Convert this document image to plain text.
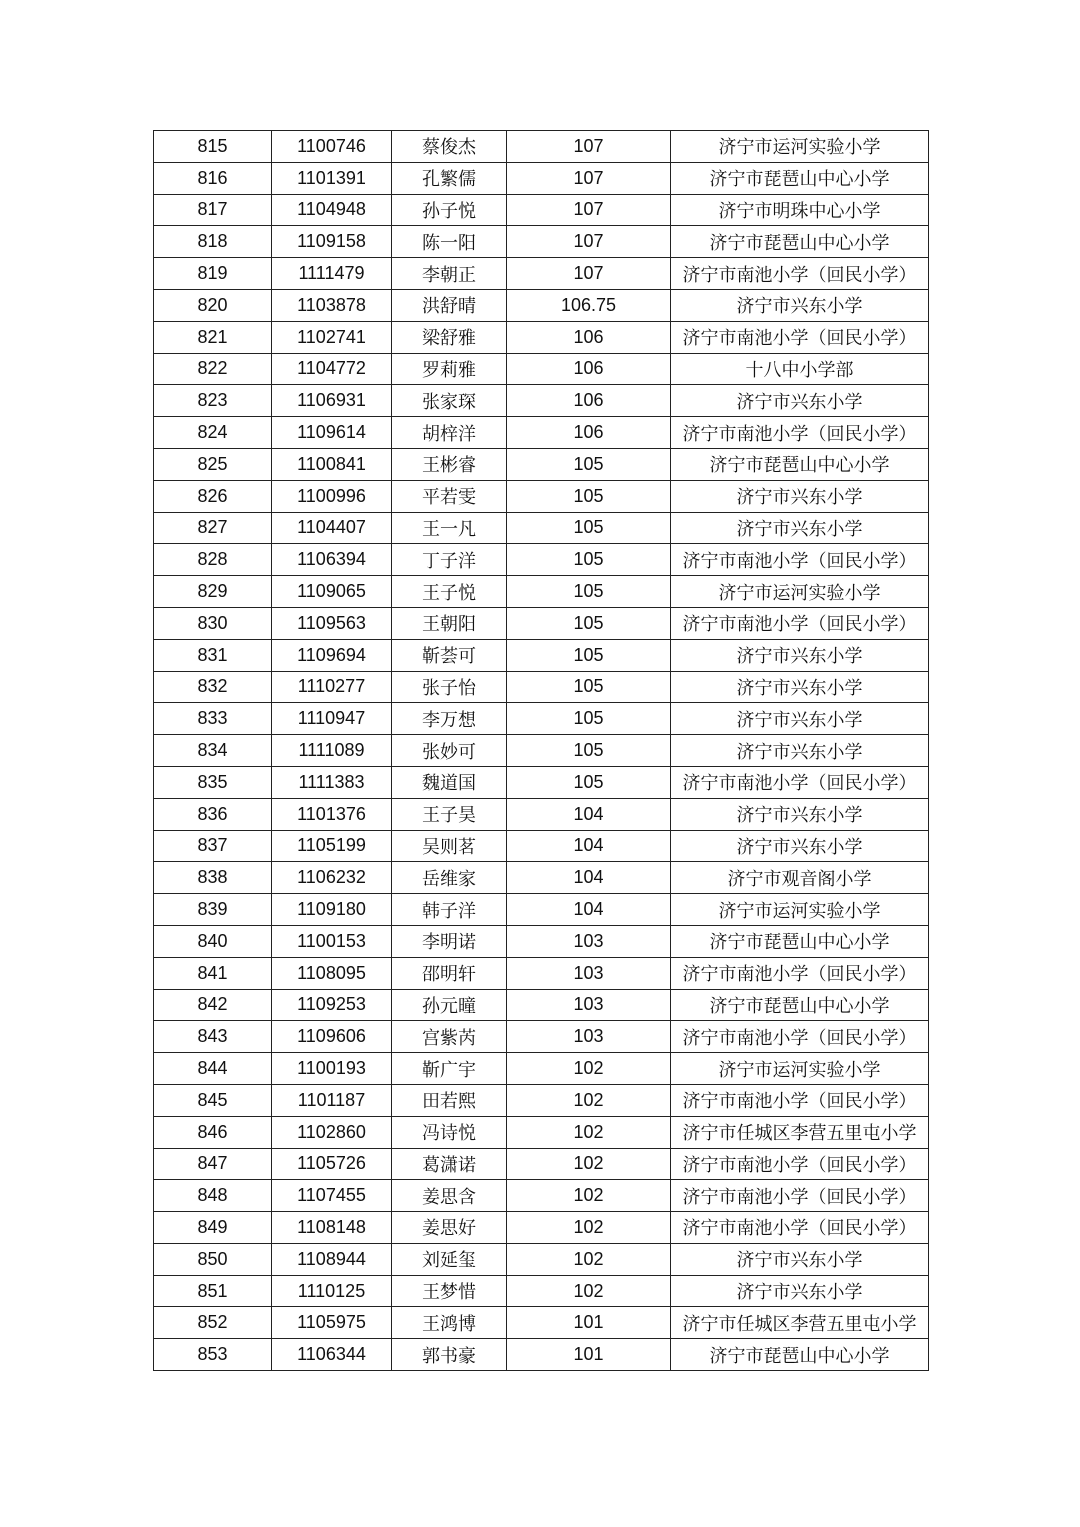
815	1100746	蔡俊杰	107	济宁市运河实验小学
816	1101391	孔繁儒	107	济宁市琵琶山中心小学
817	1104948	孙子悦	107	济宁市明珠中心小学
818	1109158	陈一阳	107	济宁市琵琶山中心小学
819	1111479	李朝正	107	济宁市南池小学（回民小学）
820	1103878	洪舒晴	106.75	济宁市兴东小学
821	1102741	梁舒雅	106	济宁市南池小学（回民小学）
822	1104772	罗莉雅	106	十八中小学部
823	1106931	张家琛	106	济宁市兴东小学
824	1109614	胡梓洋	106	济宁市南池小学（回民小学）
825	1100841	王彬睿	105	济宁市琵琶山中心小学
826	1100996	平若雯	105	济宁市兴东小学
827	1104407	王一凡	105	济宁市兴东小学
828	1106394	丁子洋	105	济宁市南池小学（回民小学）
829	1109065	王子悦	105	济宁市运河实验小学
830	1109563	王朝阳	105	济宁市南池小学（回民小学）
831	1109694	靳荟可	105	济宁市兴东小学
832	1110277	张子怡	105	济宁市兴东小学
833	1110947	李万想	105	济宁市兴东小学
834	1111089	张妙可	105	济宁市兴东小学
835	1111383	魏道国	105	济宁市南池小学（回民小学）
836	1101376	王子昊	104	济宁市兴东小学
837	1105199	吴则茗	104	济宁市兴东小学
838	1106232	岳维家	104	济宁市观音阁小学
839	1109180	韩子洋	104	济宁市运河实验小学
840	1100153	李明诺	103	济宁市琵琶山中心小学
841	1108095	邵明轩	103	济宁市南池小学（回民小学）
842	1109253	孙元曈	103	济宁市琵琶山中心小学
843	1109606	宫紫芮	103	济宁市南池小学（回民小学）
844	1100193	靳广宇	102	济宁市运河实验小学
845	1101187	田若熙	102	济宁市南池小学（回民小学）
846	1102860	冯诗悦	102	济宁市任城区李营五里屯小学
847	1105726	葛潇诺	102	济宁市南池小学（回民小学）
848	1107455	姜思含	102	济宁市南池小学（回民小学）
849	1108148	姜思好	102	济宁市南池小学（回民小学）
850	1108944	刘延玺	102	济宁市兴东小学
851	1110125	王梦惜	102	济宁市兴东小学
852	1105975	王鸿博	101	济宁市任城区李营五里屯小学
853	1106344	郭书豪	101	济宁市琵琶山中心小学
